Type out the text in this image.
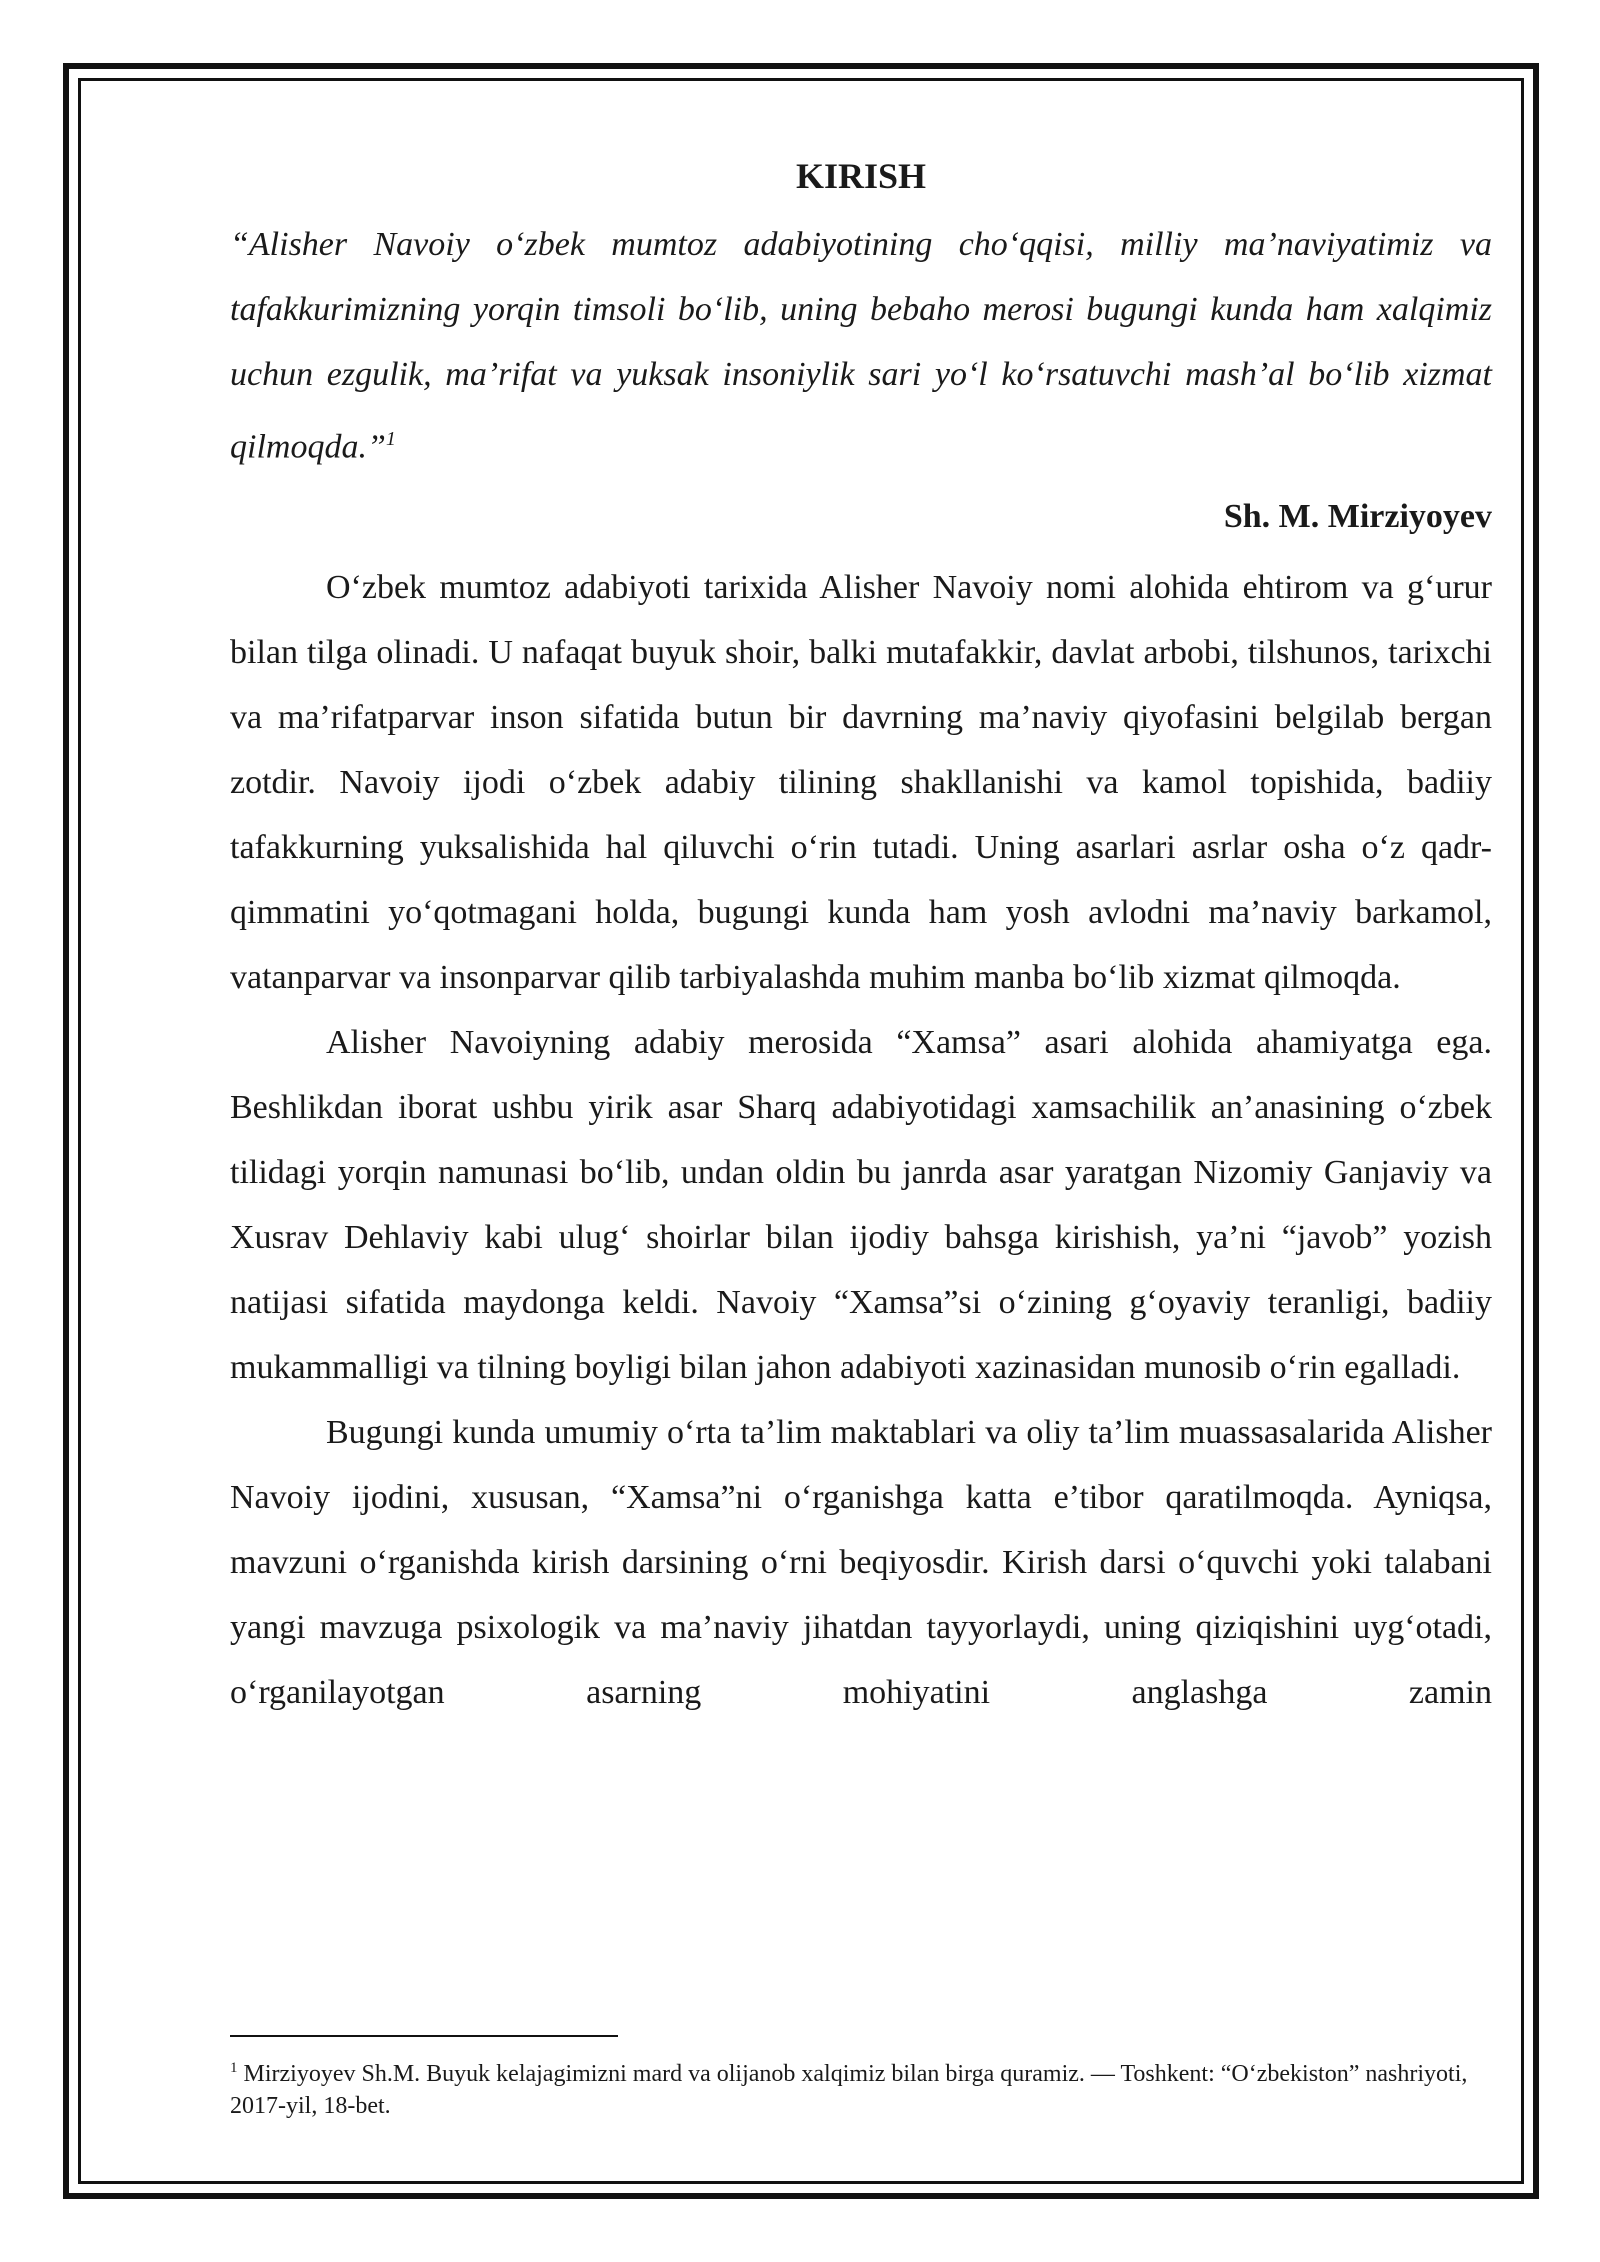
KIRISH

“Alisher Navoiy o‘zbek mumtoz adabiyotining cho‘qqisi, milliy ma’naviyatimiz va tafakkurimizning yorqin timsoli bo‘lib, uning bebaho merosi bugungi kunda ham xalqimiz uchun ezgulik, ma’rifat va yuksak insoniylik sari yo‘l ko‘rsatuvchi mash’al bo‘lib xizmat qilmoqda.”$^1$

Sh. M. Mirziyoyev

O‘zbek mumtoz adabiyoti tarixida Alisher Navoiy nomi alohida ehtirom va g‘urur bilan tilga olinadi. U nafaqat buyuk shoir, balki mutafakkir, davlat arbobi, tilshunos, tarixchi va ma’rifatparvar inson sifatida butun bir davrning ma’naviy qiyofasini belgilab bergan zotdir. Navoiy ijodi o‘zbek adabiy tilining shakllanishi va kamol topishida, badiiy tafakkurning yuksalishida hal qiluvchi o‘rin tutadi. Uning asarlari asrlar osha o‘z qadr-qimmatini yo‘qotmagani holda, bugungi kunda ham yosh avlodni ma’naviy barkamol, vatanparvar va insonparvar qilib tarbiyalashda muhim manba bo‘lib xizmat qilmoqda.

Alisher Navoiyning adabiy merosida “Xamsa” asari alohida ahamiyatga ega. Beshlikdan iborat ushbu yirik asar Sharq adabiyotidagi xamsachilik an’anasining o‘zbek tilidagi yorqin namunasi bo‘lib, undan oldin bu janrda asar yaratgan Nizomiy Ganjaviy va Xusrav Dehlaviy kabi ulug‘ shoirlar bilan ijodiy bahsga kirishish, ya’ni “javob” yozish natijasi sifatida maydonga keldi. Navoiy “Xamsa”si o‘zining g‘oyaviy teranligi, badiiy mukammalligi va tilning boyligi bilan jahon adabiyoti xazinasidan munosib o‘rin egalladi.

Bugungi kunda umumiy o‘rta ta’lim maktablari va oliy ta’lim muassasalarida Alisher Navoiy ijodini, xususan, “Xamsa”ni o‘rganishga katta e’tibor qaratilmoqda. Ayniqsa, mavzuni o‘rganishda kirish darsining o‘rni beqiyosdir. Kirish darsi o‘quvchi yoki talabani yangi mavzuga psixologik va ma’naviy jihatdan tayyorlaydi, uning qiziqishini uyg‘otadi, o‘rganilayotgan asarning mohiyatini anglashga zamin

$^1$ Mirziyoyev Sh.M. Buyuk kelajagimizni mard va olijanob xalqimiz bilan birga quramiz. — Toshkent: “O‘zbekiston” nashriyoti, 2017-yil, 18-bet.
